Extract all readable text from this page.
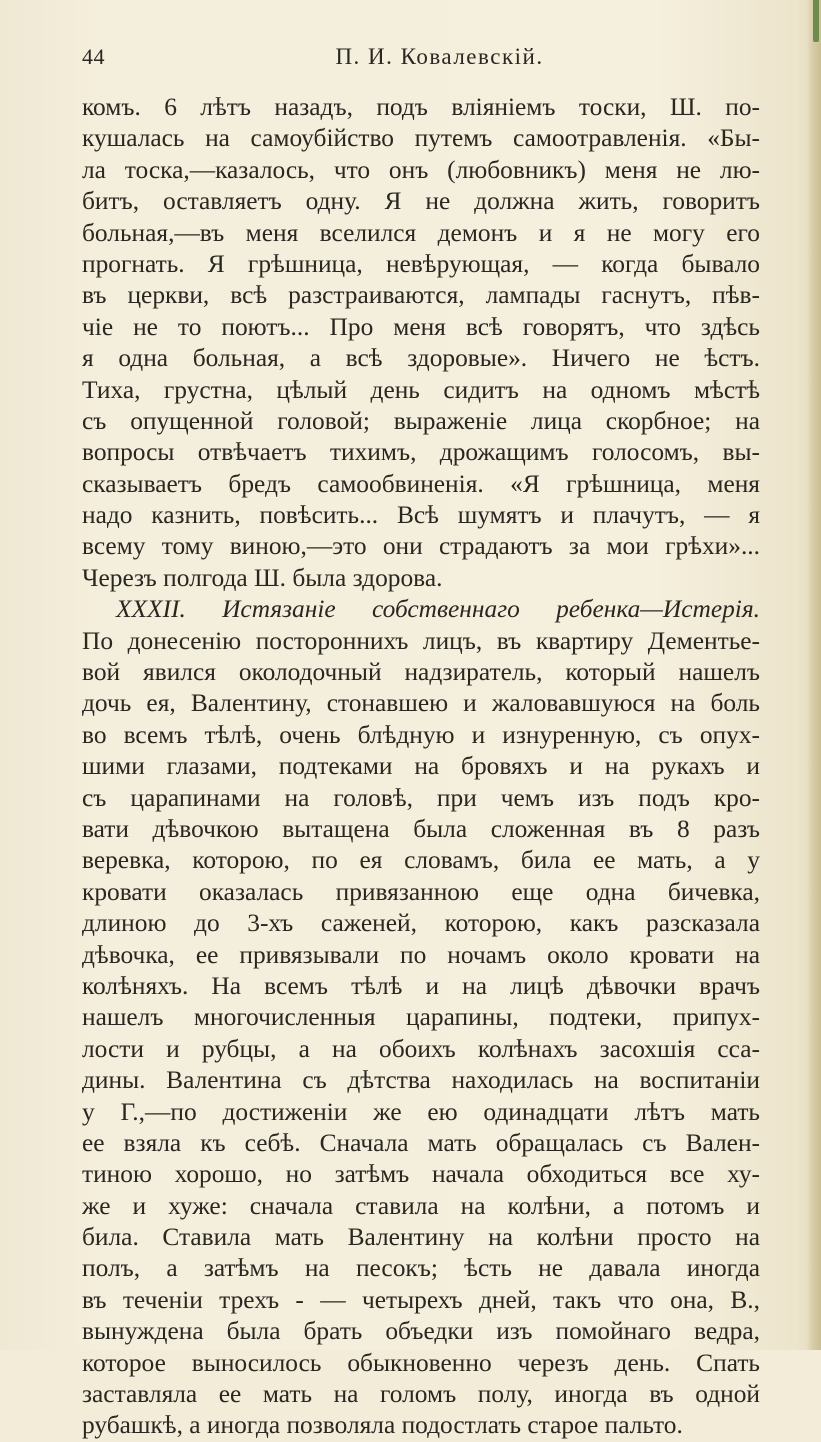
44	П. И. Ковалевскій.
комъ. 6 лѣтъ назадъ, подъ вліяніемъ тоски, Ш. по-
кушалась на самоубійство путемъ самоотравленія. «Бы-
ла тоска,—казалось, что онъ (любовникъ) меня не лю-
битъ, оставляетъ одну. Я не должна жить, говоритъ
больная,—въ меня вселился демонъ и я не могу его
прогнать. Я грѣшница, невѣрующая, — когда бывало
въ церкви, всѣ разстраиваются, лампады гаснутъ, пѣв-
чіе не то поютъ... Про меня всѣ говорятъ, что здѣсь
я одна больная, а всѣ здоровые». Ничего не ѣстъ.
Тиха, грустна, цѣлый день сидитъ на одномъ мѣстѣ
съ опущенной головой; выраженіе лица скорбное; на
вопросы отвѣчаетъ тихимъ, дрожащимъ голосомъ, вы-
сказываетъ бредъ самообвиненія. «Я грѣшница, меня
надо казнить, повѣсить... Всѣ шумятъ и плачутъ, — я
всему тому виною,—это они страдаютъ за мои грѣхи»...
Черезъ полгода Ш. была здорова.
XXXII. Истязаніе собственнаго ребенка—Истерія.
По донесенію постороннихъ лицъ, въ квартиру Дементье-
вой явился околодочный надзиратель, который нашелъ
дочь ея, Валентину, стонавшею и жаловавшуюся на боль
во всемъ тѣлѣ, очень блѣдную и изнуренную, съ опух-
шими глазами, подтеками на бровяхъ и на рукахъ и
съ царапинами на головѣ, при чемъ изъ подъ кро-
вати дѣвочкою вытащена была сложенная въ 8 разъ
веревка, которою, по ея словамъ, била ее мать, а у
кровати оказалась привязанною еще одна бичевка,
длиною до 3-хъ саженей, которою, какъ разсказала
дѣвочка, ее привязывали по ночамъ около кровати на
колѣняхъ. На всемъ тѣлѣ и на лицѣ дѣвочки врачъ
нашелъ многочисленныя царапины, подтеки, припух-
лости и рубцы, а на обоихъ колѣнахъ засохшія сса-
дины. Валентина съ дѣтства находилась на воспитаніи
у Г.,—по достиженіи же ею одинадцати лѣтъ мать
ее взяла къ себѣ. Сначала мать обращалась съ Вален-
тиною хорошо, но затѣмъ начала обходиться все ху-
же и хуже: сначала ставила на колѣни, а потомъ и
била. Ставила мать Валентину на колѣни просто на
полъ, а затѣмъ на песокъ; ѣсть не давала иногда
въ теченіи трехъ - — четырехъ дней, такъ что она, В.,
вынуждена была брать объедки изъ помойнаго ведра,
которое выносилось обыкновенно черезъ день. Спать
заставляла ее мать на голомъ полу, иногда въ одной
рубашкѣ, а иногда позволяла подостлать старое пальто.
